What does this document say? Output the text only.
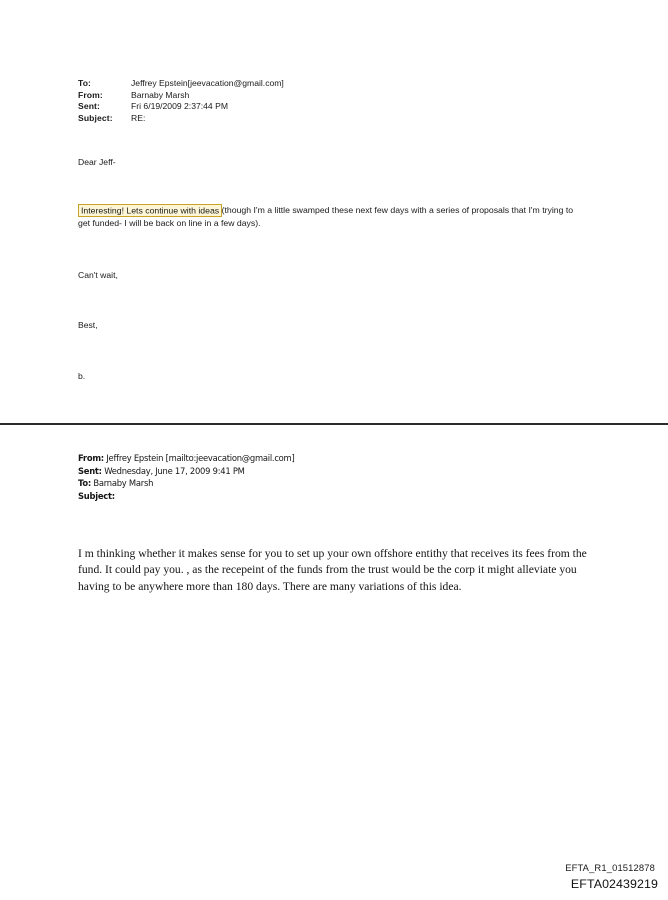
To:	Jeffrey Epstein[jeevacation@gmail.com]
From:	Barnaby Marsh
Sent:	Fri 6/19/2009 2:37:44 PM
Subject:	RE:
Dear Jeff-
Interesting! Lets continue with ideas (though I'm a little swamped these next few days with a series of proposals that I'm trying to get funded- I will be back on line in a few days).
Can't wait,
Best,
b.
From: Jeffrey Epstein [mailto:jeevacation@gmail.com]
Sent: Wednesday, June 17, 2009 9:41 PM
To: Barnaby Marsh
Subject:
I m thinking whether it makes sense for you to set up your own offshore entithy that receives its fees from the fund. It could pay you. , as the recepeint of the funds from the trust would be the corp it might alleviate you having to be anywhere more than 180 days. There are many variations of this idea.
EFTA_R1_01512878
EFTA02439219
